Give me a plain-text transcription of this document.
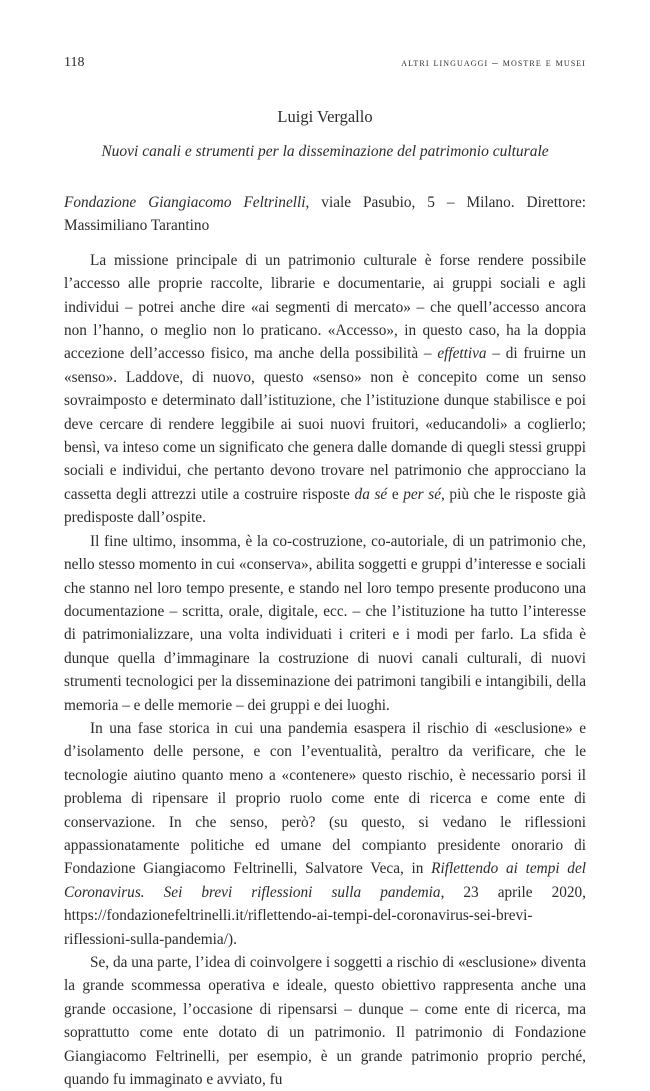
118	altri linguaggi – mostre e musei
Luigi Vergallo
Nuovi canali e strumenti per la disseminazione del patrimonio culturale

Fondazione Giangiacomo Feltrinelli, viale Pasubio, 5 – Milano. Direttore: Massimiliano Tarantino

La missione principale di un patrimonio culturale è forse rendere possibile l’accesso alle proprie raccolte, librarie e documentarie, ai gruppi sociali e agli individui – potrei anche dire «ai segmenti di mercato» – che quell’accesso ancora non l’hanno, o meglio non lo praticano. «Accesso», in questo caso, ha la doppia accezione dell’accesso fisico, ma anche della possibilità – effettiva – di fruirne un «senso». Laddove, di nuovo, questo «senso» non è concepito come un senso sovraimposto e determinato dall’istituzione, che l’istituzione dunque stabilisce e poi deve cercare di rendere leggibile ai suoi nuovi fruitori, «educandoli» a coglierlo; bensì, va inteso come un significato che genera dalle domande di quegli stessi gruppi sociali e individui, che pertanto devono trovare nel patrimonio che approcciano la cassetta degli attrezzi utile a costruire risposte da sé e per sé, più che le risposte già predisposte dall’ospite.

Il fine ultimo, insomma, è la co-costruzione, co-autoriale, di un patrimonio che, nello stesso momento in cui «conserva», abilita soggetti e gruppi d’interesse e sociali che stanno nel loro tempo presente, e stando nel loro tempo presente producono una documentazione – scritta, orale, digitale, ecc. – che l’istituzione ha tutto l’interesse di patrimonializzare, una volta individuati i criteri e i modi per farlo. La sfida è dunque quella d’immaginare la costruzione di nuovi canali culturali, di nuovi strumenti tecnologici per la disseminazione dei patrimoni tangibili e intangibili, della memoria – e delle memorie – dei gruppi e dei luoghi.

In una fase storica in cui una pandemia esaspera il rischio di «esclusione» e d’isolamento delle persone, e con l’eventualità, peraltro da verificare, che le tecnologie aiutino quanto meno a «contenere» questo rischio, è necessario porsi il problema di ripensare il proprio ruolo come ente di ricerca e come ente di conservazione. In che senso, però? (su questo, si vedano le riflessioni appassionatamente politiche ed umane del compianto presidente onorario di Fondazione Giangiacomo Feltrinelli, Salvatore Veca, in Riflettendo ai tempi del Coronavirus. Sei brevi riflessioni sulla pandemia, 23 aprile 2020, https://fondazionefeltrinelli.it/riflettendo-ai-tempi-del-coronavirus-sei-brevi-riflessioni-sulla-pandemia/).

Se, da una parte, l’idea di coinvolgere i soggetti a rischio di «esclusione» diventa la grande scommessa operativa e ideale, questo obiettivo rappresenta anche una grande occasione, l’occasione di ripensarsi – dunque – come ente di ricerca, ma soprattutto come ente dotato di un patrimonio. Il patrimonio di Fondazione Giangiacomo Feltrinelli, per esempio, è un grande patrimonio proprio perché, quando fu immaginato e avviato, fu
